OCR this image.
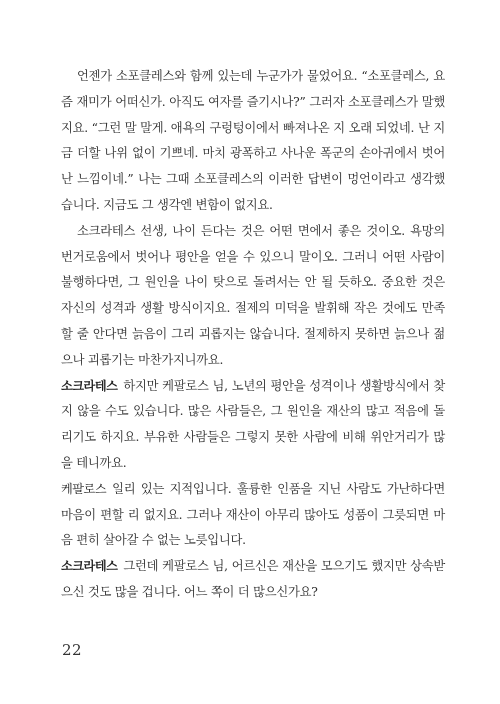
언젠가 소포클레스와 함께 있는데 누군가가 물었어요. “소포클레스, 요즘 재미가 어떠신가. 아직도 여자를 즐기시나?” 그러자 소포클레스가 말했지요. “그런 말 말게. 애욕의 구렁텅이에서 빠져나온 지 오래 되었네. 난 지금 더할 나위 없이 기쁘네. 마치 광폭하고 사나운 폭군의 손아귀에서 벗어난 느낌이네.” 나는 그때 소포클레스의 이러한 답변이 멍언이라고 생각했습니다. 지금도 그 생각엔 변함이 없지요.

소크라테스 선생, 나이 든다는 것은 어떤 면에서 좋은 것이오. 욕망의 번거로움에서 벗어나 평안을 얻을 수 있으니 말이오. 그러니 어떤 사람이 불행하다면, 그 원인을 나이 탓으로 돌려서는 안 될 듯하오. 중요한 것은 자신의 성격과 생활 방식이지요. 절제의 미덕을 발휘해 작은 것에도 만족할 줄 안다면 늙음이 그리 괴롭지는 않습니다. 절제하지 못하면 늙으나 젊으나 괴롭기는 마찬가지니까요.

소크라테스 하지만 케팔로스 님, 노년의 평안을 성격이나 생활방식에서 찾지 않을 수도 있습니다. 많은 사람들은, 그 원인을 재산의 많고 적음에 돌리기도 하지요. 부유한 사람들은 그렇지 못한 사람에 비해 위안거리가 많을 테니까요.

케팔로스 일리 있는 지적입니다. 훌륭한 인품을 지닌 사람도 가난하다면 마음이 편할 리 없지요. 그러나 재산이 아무리 많아도 성품이 그릇되면 마음 편히 살아갈 수 없는 노릇입니다.

소크라테스 그런데 케팔로스 님, 어르신은 재산을 모으기도 했지만 상속받으신 것도 많을 겁니다. 어느 쪽이 더 많으신가요?

22
